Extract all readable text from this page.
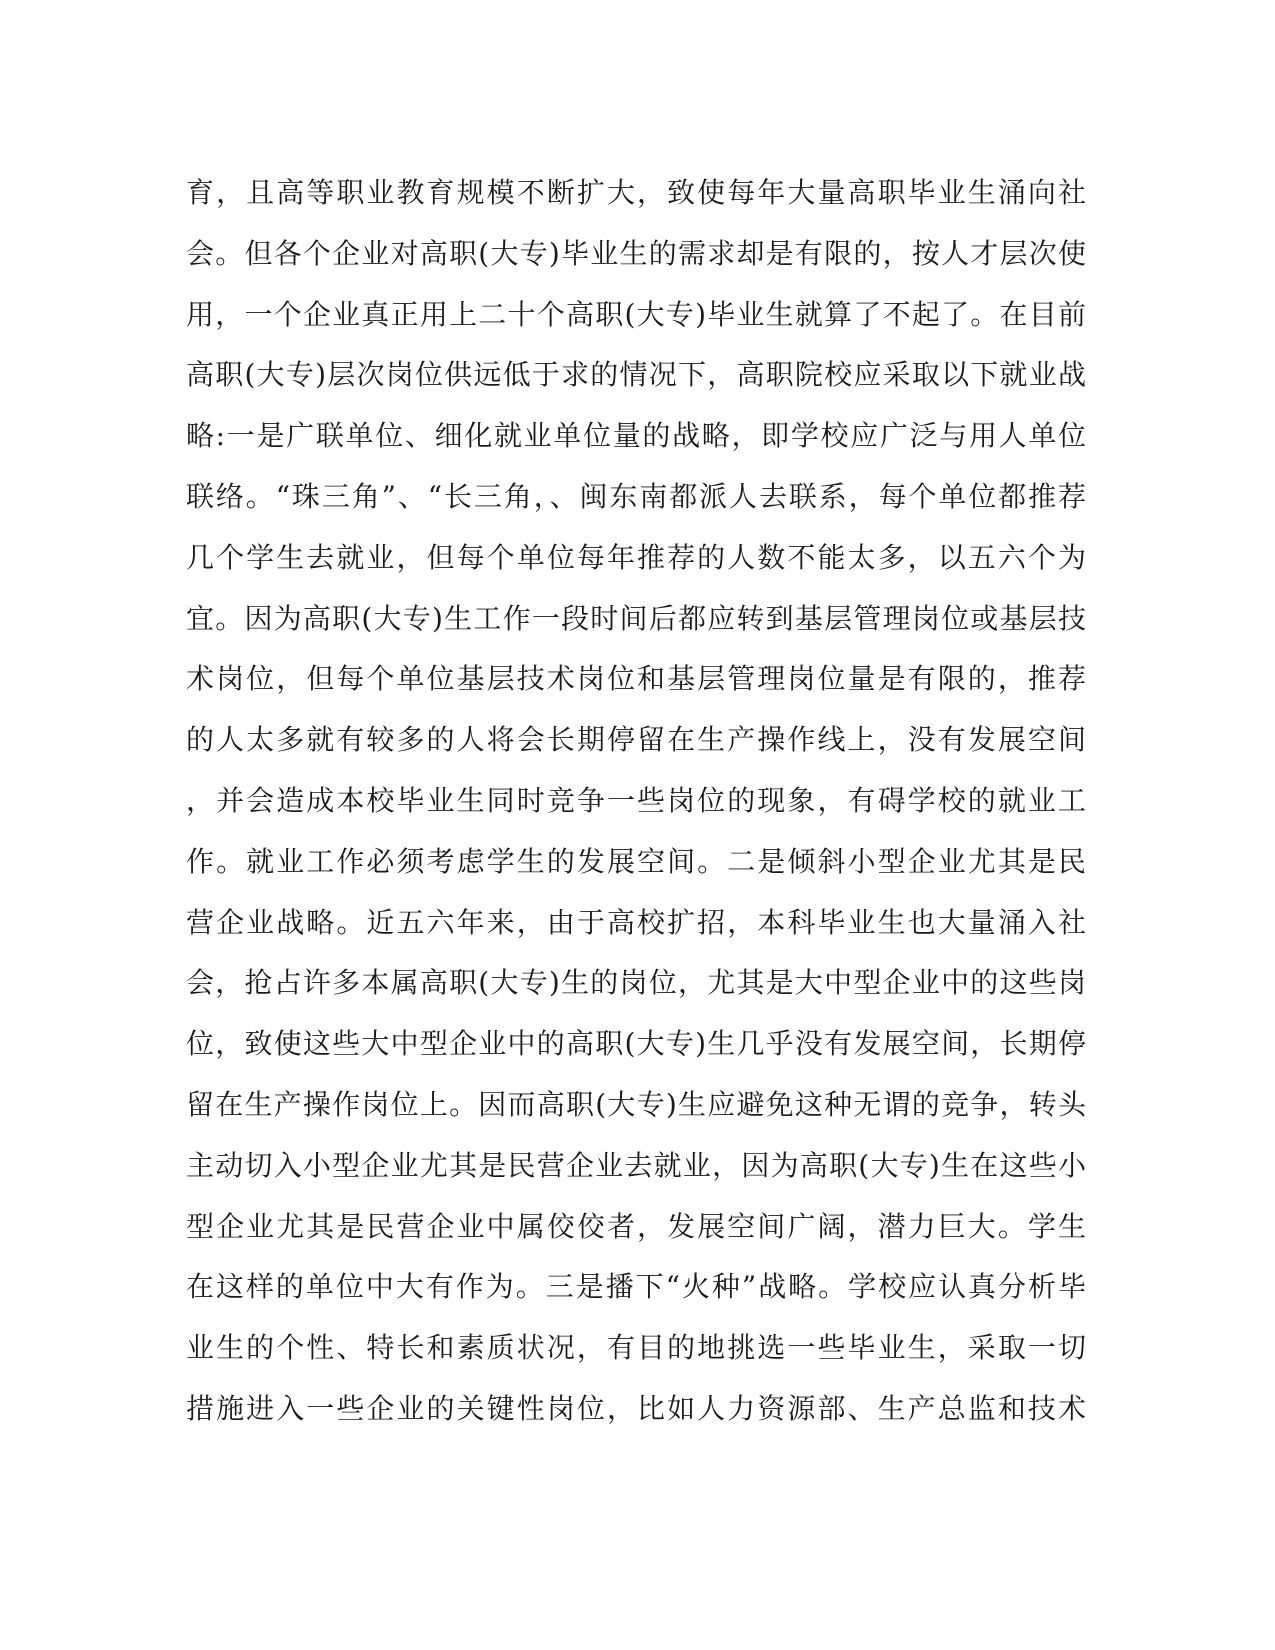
育，且高等职业教育规模不断扩大，致使每年大量高职毕业生涌向社
会。但各个企业对高职(大专)毕业生的需求却是有限的，按人才层次使
用，一个企业真正用上二十个高职(大专)毕业生就算了不起了。在目前
高职(大专)层次岗位供远低于求的情况下，高职院校应采取以下就业战
略:一是广联单位、细化就业单位量的战略，即学校应广泛与用人单位
联络。“珠三角”、“长三角，、闽东南都派人去联系，每个单位都推荐
几个学生去就业，但每个单位每年推荐的人数不能太多，以五六个为
宜。因为高职(大专)生工作一段时间后都应转到基层管理岗位或基层技
术岗位，但每个单位基层技术岗位和基层管理岗位量是有限的，推荐
的人太多就有较多的人将会长期停留在生产操作线上，没有发展空间
，并会造成本校毕业生同时竞争一些岗位的现象，有碍学校的就业工
作。就业工作必须考虑学生的发展空间。二是倾斜小型企业尤其是民
营企业战略。近五六年来，由于高校扩招，本科毕业生也大量涌入社
会，抢占许多本属高职(大专)生的岗位，尤其是大中型企业中的这些岗
位，致使这些大中型企业中的高职(大专)生几乎没有发展空间，长期停
留在生产操作岗位上。因而高职(大专)生应避免这种无谓的竞争，转头
主动切入小型企业尤其是民营企业去就业，因为高职(大专)生在这些小
型企业尤其是民营企业中属佼佼者，发展空间广阔，潜力巨大。学生
在这样的单位中大有作为。三是播下“火种”战略。学校应认真分析毕
业生的个性、特长和素质状况，有目的地挑选一些毕业生，采取一切
措施进入一些企业的关键性岗位，比如人力资源部、生产总监和技术
